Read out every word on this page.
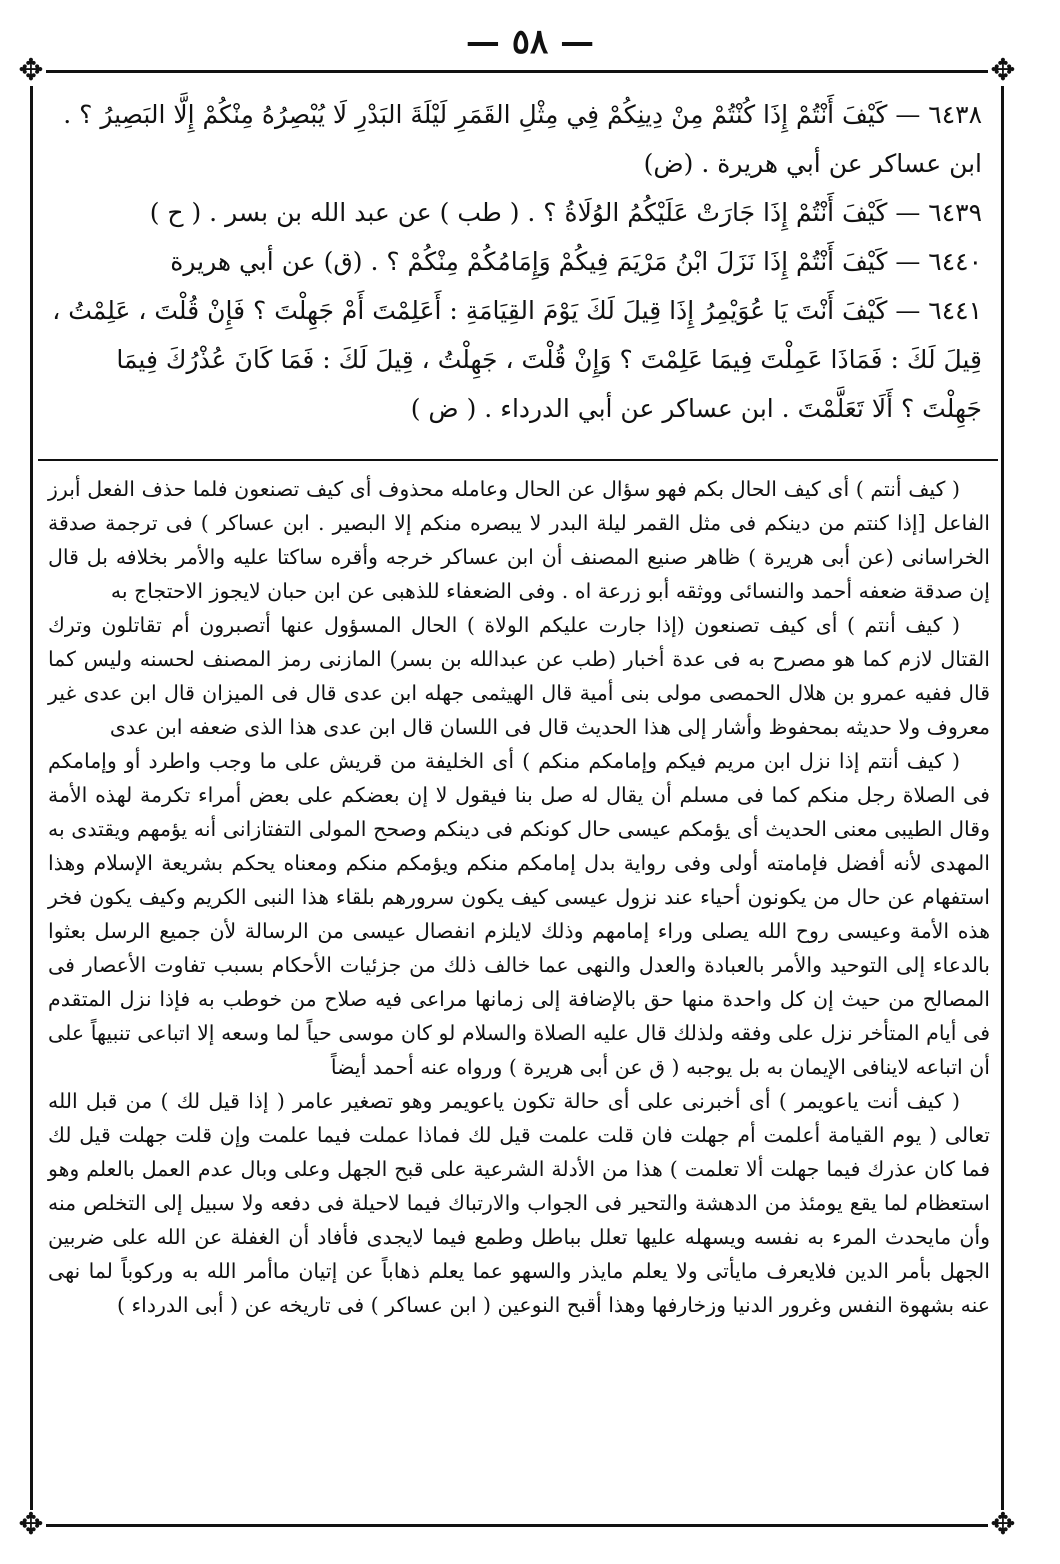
— ٥٨ —
✥	✥
✥	✥

٦٤٣٨ — كَيْفَ أَنْتُمْ إِذَا كُنْتُمْ مِنْ دِينِكُمْ فِي مِثْلِ القَمَرِ لَيْلَةَ البَدْرِ لَا يُبْصِرُهُ مِنْكُمْ إِلَّا البَصِيرُ ؟ . ابن عساكر عن أبي هريرة . (ض)

٦٤٣٩ — كَيْفَ أَنْتُمْ إِذَا جَارَتْ عَلَيْكُمُ الوُلَاةُ ؟ . ( طب ) عن عبد الله بن بسر . ( ح )

٦٤٤٠ — كَيْفَ أَنْتُمْ إِذَا نَزَلَ ابْنُ مَرْيَمَ فِيكُمْ وَإِمَامُكُمْ مِنْكُمْ ؟ . (ق) عن أبي هريرة

٦٤٤١ — كَيْفَ أَنْتَ يَا عُوَيْمِرُ إِذَا قِيلَ لَكَ يَوْمَ القِيَامَةِ : أَعَلِمْتَ أَمْ جَهِلْتَ ؟ فَإِنْ قُلْتَ ، عَلِمْتُ ، قِيلَ لَكَ : فَمَاذَا عَمِلْتَ فِيمَا عَلِمْتَ ؟ وَإِنْ قُلْتَ ، جَهِلْتُ ، قِيلَ لَكَ : فَمَا كَانَ عُذْرُكَ فِيمَا جَهِلْتَ ؟ أَلَا تَعَلَّمْتَ . ابن عساكر عن أبي الدرداء . ( ض )

( كيف أنتم ) أى كيف الحال بكم فهو سؤال عن الحال وعامله محذوف أى كيف تصنعون فلما حذف الفعل أبرز الفاعل [إذا كنتم من دينكم فى مثل القمر ليلة البدر لا يبصره منكم إلا البصير . ابن عساكر ) فى ترجمة صدقة الخراسانى (عن أبى هريرة ) ظاهر صنيع المصنف أن ابن عساكر خرجه وأقره ساكتا عليه والأمر بخلافه بل قال إن صدقة ضعفه أحمد والنسائى ووثقه أبو زرعة اه . وفى الضعفاء للذهبى عن ابن حبان لايجوز الاحتجاج به

( كيف أنتم ) أى كيف تصنعون (إذا جارت عليكم الولاة ) الحال المسؤول عنها أتصبرون أم تقاتلون وترك القتال لازم كما هو مصرح به فى عدة أخبار (طب عن عبدالله بن بسر) المازنى رمز المصنف لحسنه وليس كما قال ففيه عمرو بن هلال الحمصى مولى بنى أمية قال الهيثمى جهله ابن عدى قال فى الميزان قال ابن عدى غير معروف ولا حديثه بمحفوظ وأشار إلى هذا الحديث قال فى اللسان قال ابن عدى هذا الذى ضعفه ابن عدى

( كيف أنتم إذا نزل ابن مريم فيكم وإمامكم منكم ) أى الخليفة من قريش على ما وجب واطرد أو وإمامكم فى الصلاة رجل منكم كما فى مسلم أن يقال له صل بنا فيقول لا إن بعضكم على بعض أمراء تكرمة لهذه الأمة وقال الطيبى معنى الحديث أى يؤمكم عيسى حال كونكم فى دينكم وصحح المولى التفتازانى أنه يؤمهم ويقتدى به المهدى لأنه أفضل فإمامته أولى وفى رواية بدل إمامكم منكم ويؤمكم منكم ومعناه يحكم بشريعة الإسلام وهذا استفهام عن حال من يكونون أحياء عند نزول عيسى كيف يكون سرورهم بلقاء هذا النبى الكريم وكيف يكون فخر هذه الأمة وعيسى روح الله يصلى وراء إمامهم وذلك لايلزم انفصال عيسى من الرسالة لأن جميع الرسل بعثوا بالدعاء إلى التوحيد والأمر بالعبادة والعدل والنهى عما خالف ذلك من جزئيات الأحكام بسبب تفاوت الأعصار فى المصالح من حيث إن كل واحدة منها حق بالإضافة إلى زمانها مراعى فيه صلاح من خوطب به فإذا نزل المتقدم فى أيام المتأخر نزل على وفقه ولذلك قال عليه الصلاة والسلام لو كان موسى حياً لما وسعه إلا اتباعى تنبيهاً على أن اتباعه لاينافى الإيمان به بل يوجبه ( ق عن أبى هريرة ) ورواه عنه أحمد أيضاً

( كيف أنت ياعويمر ) أى أخبرنى على أى حالة تكون ياعويمر وهو تصغير عامر ( إذا قيل لك ) من قبل الله تعالى ( يوم القيامة أعلمت أم جهلت فان قلت علمت قيل لك فماذا عملت فيما علمت وإن قلت جهلت قيل لك فما كان عذرك فيما جهلت ألا تعلمت ) هذا من الأدلة الشرعية على قبح الجهل وعلى وبال عدم العمل بالعلم وهو استعظام لما يقع يومئذ من الدهشة والتحير فى الجواب والارتباك فيما لاحيلة فى دفعه ولا سبيل إلى التخلص منه وأن مايحدث المرء به نفسه ويسهله عليها تعلل بباطل وطمع فيما لايجدى فأفاد أن الغفلة عن الله على ضربين الجهل بأمر الدين فلايعرف مايأتى ولا يعلم مايذر والسهو عما يعلم ذهاباً عن إتيان ماأمر الله به وركوباً لما نهى عنه بشهوة النفس وغرور الدنيا وزخارفها وهذا أقبح النوعين ( ابن عساكر ) فى تاريخه عن ( أبى الدرداء )
